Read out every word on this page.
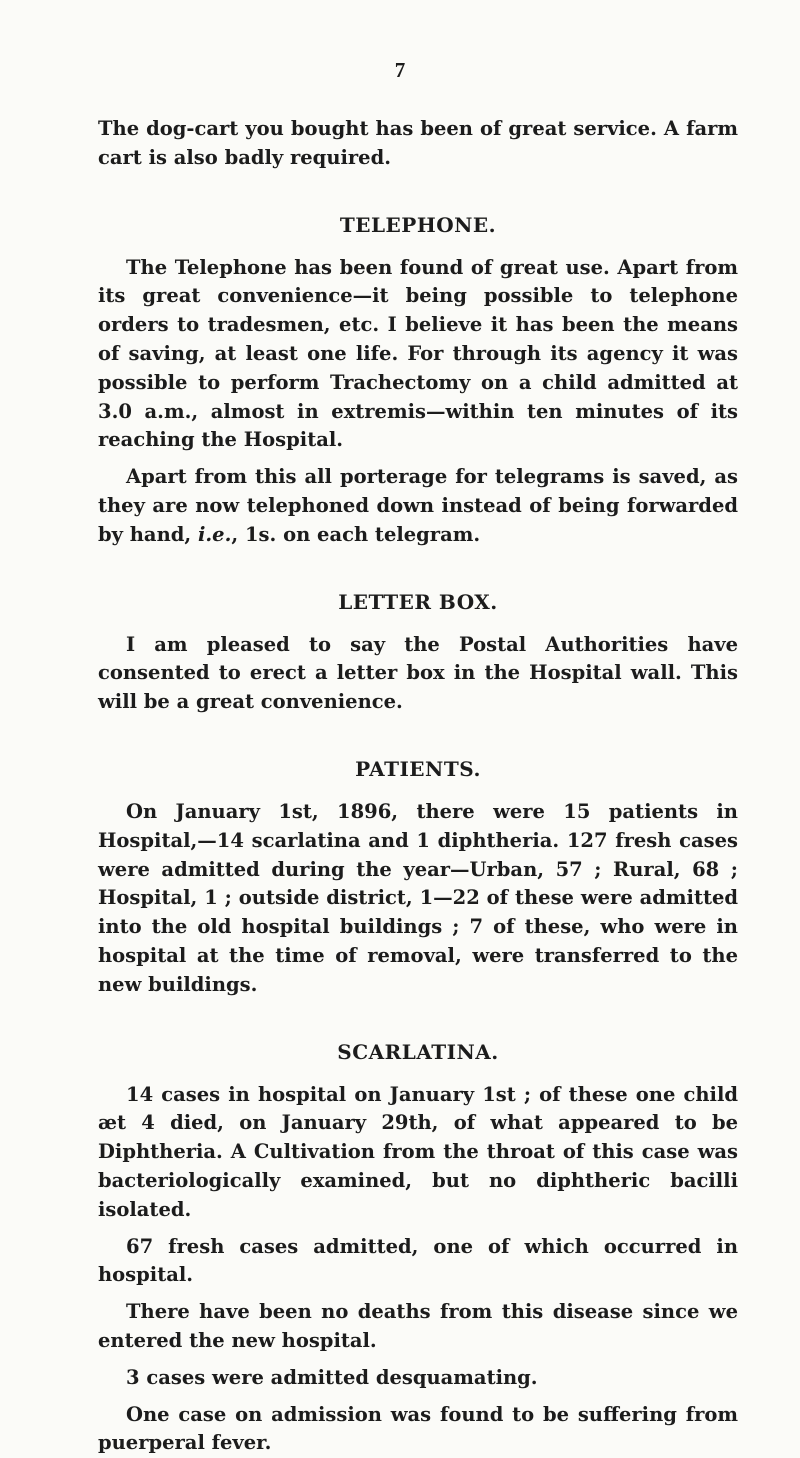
7

The dog-cart you bought has been of great service. A farm cart is also badly required.

TELEPHONE.

The Telephone has been found of great use. Apart from its great convenience—it being possible to telephone orders to tradesmen, etc. I believe it has been the means of saving, at least one life. For through its agency it was possible to perform Trachectomy on a child admitted at 3.0 a.m., almost in extremis—within ten minutes of its reaching the Hospital.

Apart from this all porterage for telegrams is saved, as they are now telephoned down instead of being forwarded by hand, i.e., 1s. on each telegram.

LETTER BOX.

I am pleased to say the Postal Authorities have consented to erect a letter box in the Hospital wall. This will be a great convenience.

PATIENTS.

On January 1st, 1896, there were 15 patients in Hospital,—14 scarlatina and 1 diphtheria. 127 fresh cases were admitted during the year—Urban, 57 ; Rural, 68 ; Hospital, 1 ; outside district, 1—22 of these were admitted into the old hospital buildings ; 7 of these, who were in hospital at the time of removal, were transferred to the new buildings.

SCARLATINA.

14 cases in hospital on January 1st ; of these one child æt 4 died, on January 29th, of what appeared to be Diphtheria. A Cultivation from the throat of this case was bacteriologically examined, but no diphtheric bacilli isolated.

67 fresh cases admitted, one of which occurred in hospital.

There have been no deaths from this disease since we entered the new hospital.

3 cases were admitted desquamating.

One case on admission was found to be suffering from puerperal fever.
